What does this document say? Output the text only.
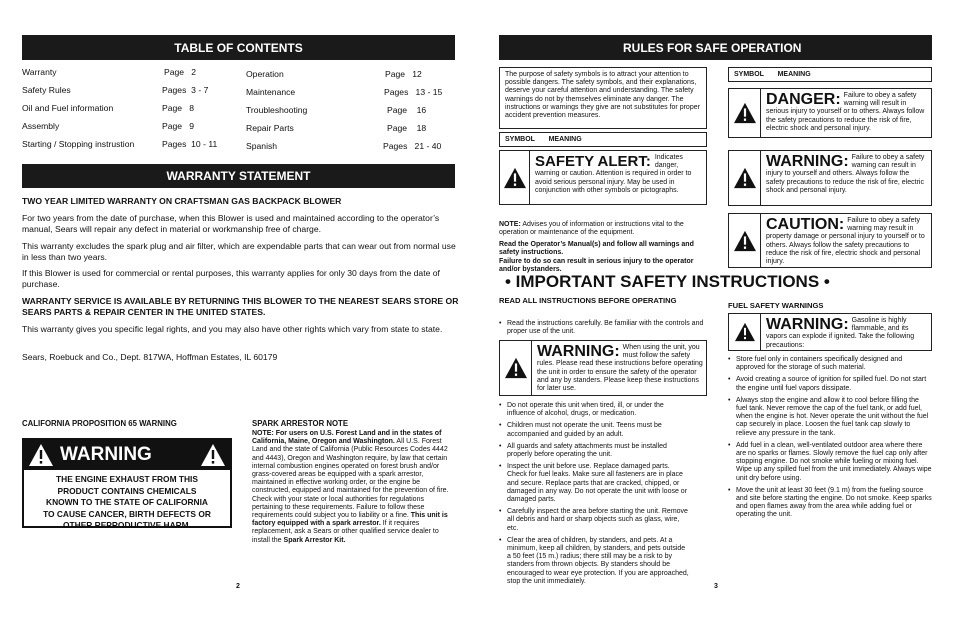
TABLE OF CONTENTS
Warranty	Page 2
Safety Rules	Pages 3 - 7
Oil and Fuel information	Page 8
Assembly	Page 9
Starting / Stopping instrustion	Pages 10 - 11
Operation	Page 12
Maintenance	Pages 13 - 15
Troubleshooting	Page 16
Repair Parts	Page 18
Spanish	Pages 21 - 40
WARRANTY STATEMENT
TWO YEAR LIMITED WARRANTY ON CRAFTSMAN GAS BACKPACK BLOWER
For two years from the date of purchase, when this Blower is used and maintained according to the operator’s manual, Sears will repair any defect in material or workmanship free of charge.
This warranty excludes the spark plug and air filter, which are expendable parts that can wear out from normal use in less than two years.
If this Blower is used for commercial or rental purposes, this warranty applies for only 30 days from the date of purchase.
WARRANTY SERVICE IS AVAILABLE BY RETURNING THIS BLOWER TO THE NEAREST SEARS STORE OR SEARS PARTS & REPAIR CENTER IN THE UNITED STATES.
This warranty gives you specific legal rights, and you may also have other rights which vary from state to state.
Sears, Roebuck and Co., Dept. 817WA, Hoffman Estates, IL 60179
CALIFORNIA PROPOSITION 65 WARNING
WARNING
THE ENGINE EXHAUST FROM THIS PRODUCT CONTAINS CHEMICALS KNOWN TO THE STATE OF CALIFORNIA TO CAUSE CANCER, BIRTH DEFECTS OR OTHER REPRODUCTIVE HARM.
SPARK ARRESTOR NOTE
NOTE: For users on U.S. Forest Land and in the states of California, Maine, Oregon and Washington. All U.S. Forest Land and the state of California (Public Resources Codes 4442 and 4443), Oregon and Washington require, by law that certain internal combustion engines operated on forest brush and/or grass-covered areas be equipped with a spark arrestor, maintained in effective working order, or the engine be constructed, equipped and maintained for the prevention of fire. Check with your state or local authorities for regulations pertaining to these requirements. Failure to follow these requirements could subject you to liability or a fine. This unit is factory equipped with a spark arrestor. If it requires replacement, ask a Sears or other qualified service dealer to install the Spark Arrestor Kit.
2
RULES FOR SAFE OPERATION
The purpose of safety symbols is to attract your attention to possible dangers. The safety symbols, and their explanations, deserve your careful attention and understanding. The safety warnings do not by themselves eliminate any danger. The instructions or warnings they give are not substitutes for proper accident prevention measures.
SYMBOL MEANING
SAFETY ALERT: Indicates danger, warning or caution. Attention is required in order to avoid serious personal injury. May be used in conjunction with other symbols or pictographs.
NOTE: Advises you of information or instructions vital to the operation or maintenance of the equipment.
Read the Operator’s Manual(s) and follow all warnings and safety instructions.
Failure to do so can result in serious injury to the operator and/or bystanders.
SYMBOL MEANING
DANGER: Failure to obey a safety warning will result in serious injury to yourself or to others. Always follow the safety precautions to reduce the risk of fire, electric shock and personal injury.
WARNING: Failure to obey a safety warning can result in injury to yourself and others. Always follow the safety precautions to reduce the risk of fire, electric shock and personal injury.
CAUTION: Failure to obey a safety warning may result in property damage or personal injury to yourself or to others. Always follow the safety precautions to reduce the risk of fire, electric shock and personal injury.
• IMPORTANT SAFETY INSTRUCTIONS •
READ ALL INSTRUCTIONS BEFORE OPERATING
• Read the instructions carefully. Be familiar with the controls and proper use of the unit.
WARNING: When using the unit, you must follow the safety rules. Please read these instructions before operating the unit in order to ensure the safety of the operator and any by standers. Please keep these instructions for later use.
• Do not operate this unit when tired, ill, or under the influence of alcohol, drugs, or medication.
• Children must not operate the unit. Teens must be accompanied and guided by an adult.
• All guards and safety attachments must be installed properly before operating the unit.
• Inspect the unit before use. Replace damaged parts. Check for fuel leaks. Make sure all fasteners are in place and secure. Replace parts that are cracked, chipped, or damaged in any way. Do not operate the unit with loose or damaged parts.
• Carefully inspect the area before starting the unit. Remove all debris and hard or sharp objects such as glass, wire, etc.
• Clear the area of children, by standers, and pets. At a minimum, keep all children, by standers, and pets outside a 50 feet (15 m.) radius; there still may be a risk to by standers from thrown objects. By standers should be encouraged to wear eye protection. If you are approached, stop the unit immediately.
FUEL SAFETY WARNINGS
WARNING: Gasoline is highly flammable, and its vapors can explode if ignited. Take the following precautions:
• Store fuel only in containers specifically designed and approved for the storage of such material.
• Avoid creating a source of ignition for spilled fuel. Do not start the engine until fuel vapors dissipate.
• Always stop the engine and allow it to cool before filling the fuel tank. Never remove the cap of the fuel tank, or add fuel, when the engine is hot. Never operate the unit without the fuel cap securely in place. Loosen the fuel tank cap slowly to relieve any pressure in the tank.
• Add fuel in a clean, well-ventilated outdoor area where there are no sparks or flames. Slowly remove the fuel cap only after stopping engine. Do not smoke while fueling or mixing fuel. Wipe up any spilled fuel from the unit immediately. Always wipe unit dry before using.
• Move the unit at least 30 feet (9.1 m) from the fueling source and site before starting the engine. Do not smoke. Keep sparks and open flames away from the area while adding fuel or operating the unit.
3
